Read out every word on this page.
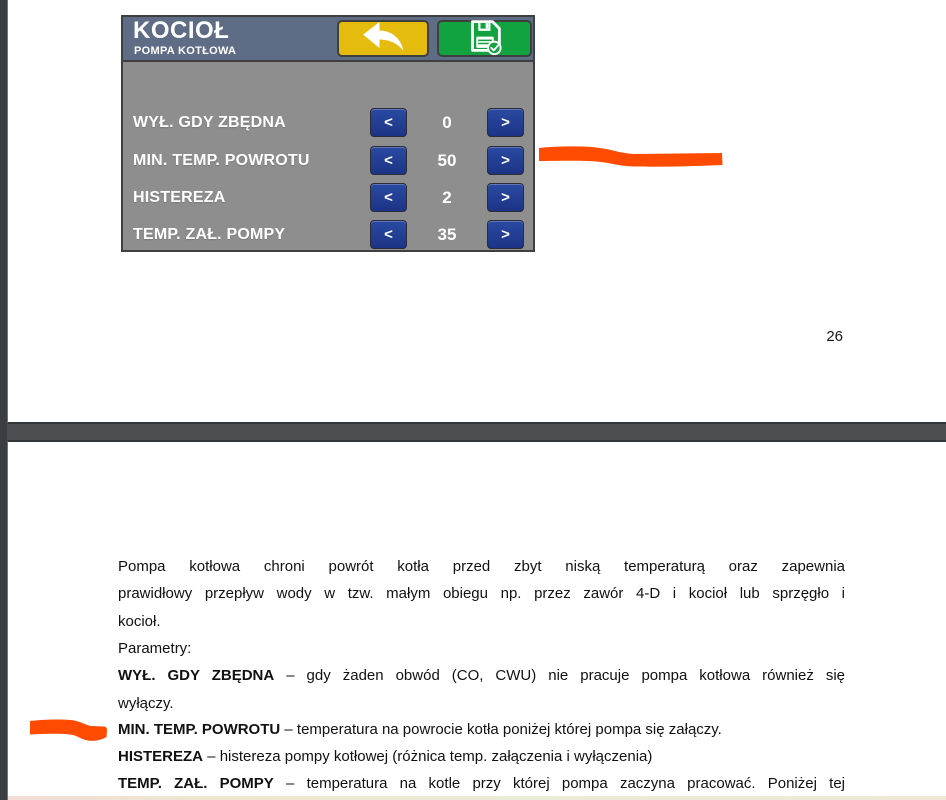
KOCIOŁ
POMPA KOTŁOWA
WYŁ. GDY ZBĘDNA	<	0	>
MIN. TEMP. POWROTU	<	50	>
HISTEREZA	<	2	>
TEMP. ZAŁ. POMPY	<	35	>
26
Pompa kotłowa chroni powrót kotła przed zbyt niską temperaturą oraz zapewnia
prawidłowy przepływ wody w tzw. małym obiegu np. przez zawór 4-D i kocioł lub sprzęgło i
kocioł.
Parametry:
WYŁ. GDY ZBĘDNA – gdy żaden obwód (CO, CWU) nie pracuje pompa kotłowa również się
wyłączy.
MIN. TEMP. POWROTU – temperatura na powrocie kotła poniżej której pompa się załączy.
HISTEREZA – histereza pompy kotłowej (różnica temp. załączenia i wyłączenia)
TEMP. ZAŁ. POMPY – temperatura na kotle przy której pompa zaczyna pracować. Poniżej tej
